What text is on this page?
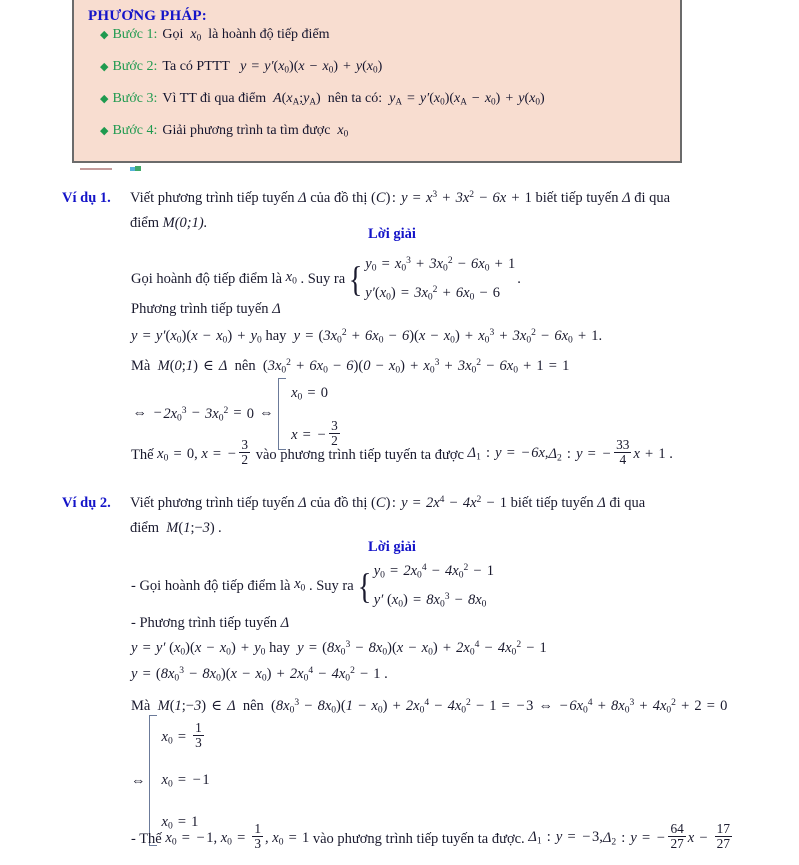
PHƯƠNG PHÁP:
◆ Bước 1: Gọi  $x_0$ là hoành độ tiếp điểm
◆ Bước 2: Ta có PTTT   $y = y'(x_0)(x - x_0) + y(x_0)$
◆ Bước 3: Vì TT đi qua điểm  $A(x_A;y_A)$ nên ta có:  $y_A = y'(x_0)(x_A - x_0) + y(x_0)$
◆ Bước 4: Giải phương trình ta tìm được  $x_0$
Ví dụ 1.	Viết phương trình tiếp tuyến Δ của đồ thị (C) : $y = x^3 + 3x^2 - 6x + 1$ biết tiếp tuyến Δ đi qua
điểm M(0;1).
Lời giải
Gọi hoành độ tiếp điểm là $x_0$ . Suy ra { $y_0 = x_0^3 + 3x_0^2 - 6x_0 + 1$
$y'(x_0) = 3x_0^2 + 6x_0 - 6$
.
Phương trình tiếp tuyến Δ
$y = y'(x_0)(x - x_0) + y_0$ hay  $y = (3x_0^2 + 6x_0 - 6)(x - x_0) + x_0^3 + 3x_0^2 - 6x_0 + 1$.
Mà  M(0;1) ∈ Δ  nên $(3x_0^2 + 6x_0 - 6)(0 - x_0) + x_0^3 + 3x_0^2 - 6x_0 + 1 = 1$
⇔ − $2x_0^3 - 3x_0^2 = 0$ ⇔
$x_0 = 0$
x = − $\frac{3}{2}$
Thế $x_0 = 0$, x = − $\frac{3}{2}$
vào phương trình tiếp tuyến ta được $\Delta_1$ : y = − 6x, $\Delta_2$ : y = − $\frac{33}{4}$ x + 1 .
Ví dụ 2.	Viết phương trình tiếp tuyến Δ của đồ thị (C) : $y = 2x^4 - 4x^2 - 1$ biết tiếp tuyến Δ đi qua
điểm  M(1;−3) .
Lời giải
- Gọi hoành độ tiếp điểm là $x_0$ . Suy ra { $y_0 = 2x_0^4 - 4x_0^2 - 1$
y′ $(x_0) = 8x_0^3 - 8x_0$
- Phương trình tiếp tuyến Δ
y = y′ $(x_0)(x - x_0) + y_0$ hay  $y = (8x_0^3 - 8x_0)(x - x_0) + 2x_0^4 - 4x_0^2 - 1$
$y = (8x_0^3 - 8x_0)(x - x_0) + 2x_0^4 - 4x_0^2 - 1$ .
Mà  M(1;−3) ∈ Δ  nên $(8x_0^3 - 8x_0)(1 - x_0) + 2x_0^4 - 4x_0^2 - 1$ = − 3 ⇔ − $6x_0^4 + 8x_0^3 + 4x_0^2 + 2 = 0$
⇔
$x_0 = \frac{1}{3}$
$x_0$ = − 1
$x_0 = 1$
- Thế $x_0$ = − 1, $x_0 = \frac{1}{3}$ , $x_0 = 1$ vào phương trình tiếp tuyến ta được. $\Delta_1$ : y = − 3, $\Delta_2$ : y = − $\frac{64}{27}$ $x - \frac{17}{27}$
